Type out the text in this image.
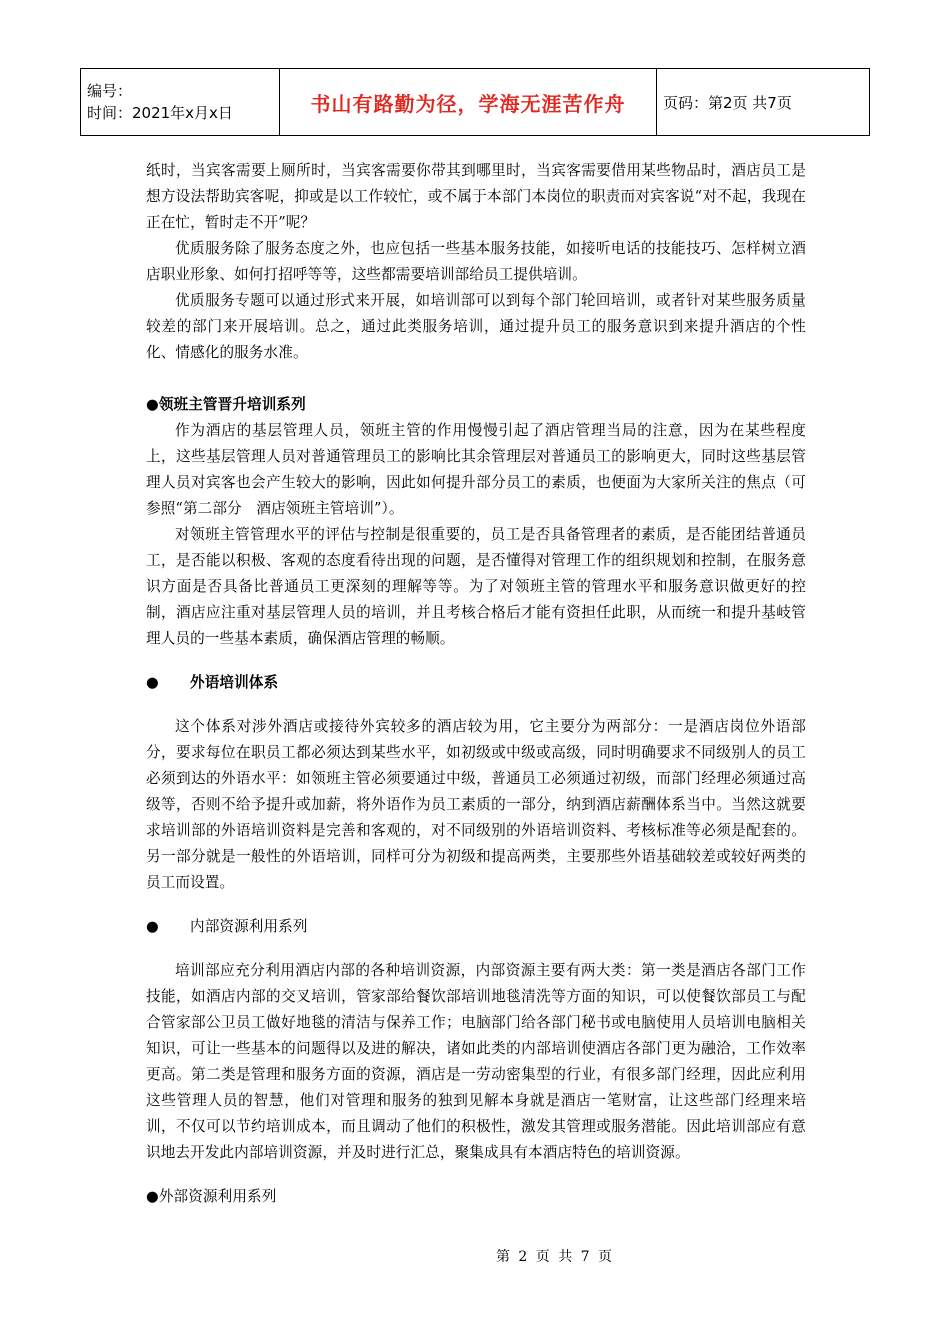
编号：
时间：2021年x月x日	书山有路勤为径，学海无涯苦作舟	页码：第2页 共7页

纸时，当宾客需要上厕所时，当宾客需要你带其到哪里时，当宾客需要借用某些物品时，酒店员工是想方设法帮助宾客呢，抑或是以工作较忙，或不属于本部门本岗位的职责而对宾客说“对不起，我现在正在忙，暂时走不开”呢？

优质服务除了服务态度之外，也应包括一些基本服务技能，如接听电话的技能技巧、怎样树立酒店职业形象、如何打招呼等等，这些都需要培训部给员工提供培训。

优质服务专题可以通过形式来开展，如培训部可以到每个部门轮回培训，或者针对某些服务质量较差的部门来开展培训。总之，通过此类服务培训，通过提升员工的服务意识到来提升酒店的个性化、情感化的服务水准。

●领班主管晋升培训系列

作为酒店的基层管理人员，领班主管的作用慢慢引起了酒店管理当局的注意，因为在某些程度上，这些基层管理人员对普通管理员工的影响比其余管理层对普通员工的影响更大，同时这些基层管理人员对宾客也会产生较大的影响，因此如何提升部分员工的素质，也便面为大家所关注的焦点（可参照“第二部分　酒店领班主管培训”）。

对领班主管管理水平的评估与控制是很重要的，员工是否具备管理者的素质，是否能团结普通员工，是否能以积极、客观的态度看待出现的问题，是否懂得对管理工作的组织规划和控制，在服务意识方面是否具备比普通员工更深刻的理解等等。为了对领班主管的管理水平和服务意识做更好的控制，酒店应注重对基层管理人员的培训，并且考核合格后才能有资担任此职，从而统一和提升基岐管理人员的一些基本素质，确保酒店管理的畅顺。

● 外语培训体系

这个体系对涉外酒店或接待外宾较多的酒店较为用，它主要分为两部分：一是酒店岗位外语部分，要求每位在职员工都必须达到某些水平，如初级或中级或高级，同时明确要求不同级别人的员工必须到达的外语水平：如领班主管必须要通过中级，普通员工必须通过初级，而部门经理必须通过高级等，否则不给予提升或加薪，将外语作为员工素质的一部分，纳到酒店薪酬体系当中。当然这就要求培训部的外语培训资料是完善和客观的，对不同级别的外语培训资料、考核标准等必须是配套的。另一部分就是一般性的外语培训，同样可分为初级和提高两类，主要那些外语基础较差或较好两类的员工而设置。

● 内部资源利用系列

培训部应充分利用酒店内部的各种培训资源，内部资源主要有两大类：第一类是酒店各部门工作技能，如酒店内部的交叉培训，管家部给餐饮部培训地毯清洗等方面的知识，可以使餐饮部员工与配合管家部公卫员工做好地毯的清洁与保养工作；电脑部门给各部门秘书或电脑使用人员培训电脑相关知识，可让一些基本的问题得以及进的解决，诸如此类的内部培训使酒店各部门更为融洽，工作效率更高。第二类是管理和服务方面的资源，酒店是一劳动密集型的行业，有很多部门经理，因此应利用这些管理人员的智慧，他们对管理和服务的独到见解本身就是酒店一笔财富，让这些部门经理来培训，不仅可以节约培训成本，而且调动了他们的积极性，激发其管理或服务潜能。因此培训部应有意识地去开发此内部培训资源，并及时进行汇总，聚集成具有本酒店特色的培训资源。

●外部资源利用系列

第 2 页 共 7 页
